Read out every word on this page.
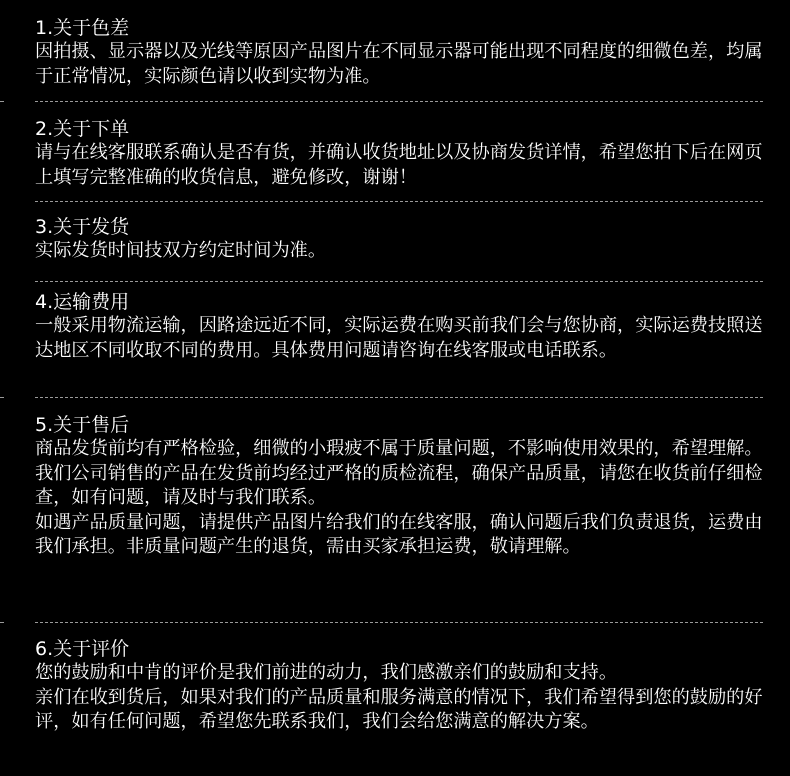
1.关于色差
因拍摄、显示器以及光线等原因产品图片在不同显示器可能出现不同程度的细微色差，均属于正常情况，实际颜色请以收到实物为准。
2.关于下单
请与在线客服联系确认是否有货，并确认收货地址以及协商发货详情，希望您拍下后在网页上填写完整准确的收货信息，避免修改，谢谢！
3.关于发货
实际发货时间技双方约定时间为准。
4.运输费用
一般采用物流运输，因路途远近不同，实际运费在购买前我们会与您协商，实际运费技照送达地区不同收取不同的费用。具体费用问题请咨询在线客服或电话联系。
5.关于售后
商品发货前均有严格检验，细微的小瑕疲不属于质量问题，不影响使用效果的，希望理解。
我们公司销售的产品在发货前均经过严格的质检流程，确保产品质量，请您在收货前仔细检查，如有问题，请及时与我们联系。
如遇产品质量问题，请提供产品图片给我们的在线客服，确认问题后我们负责退货，运费由我们承担。非质量问题产生的退货，需由买家承担运费，敬请理解。
6.关于评价
您的鼓励和中肯的评价是我们前进的动力，我们感激亲们的鼓励和支持。
亲们在收到货后，如果对我们的产品质量和服务满意的情况下，我们希望得到您的鼓励的好评，如有任何问题，希望您先联系我们，我们会给您满意的解决方案。
